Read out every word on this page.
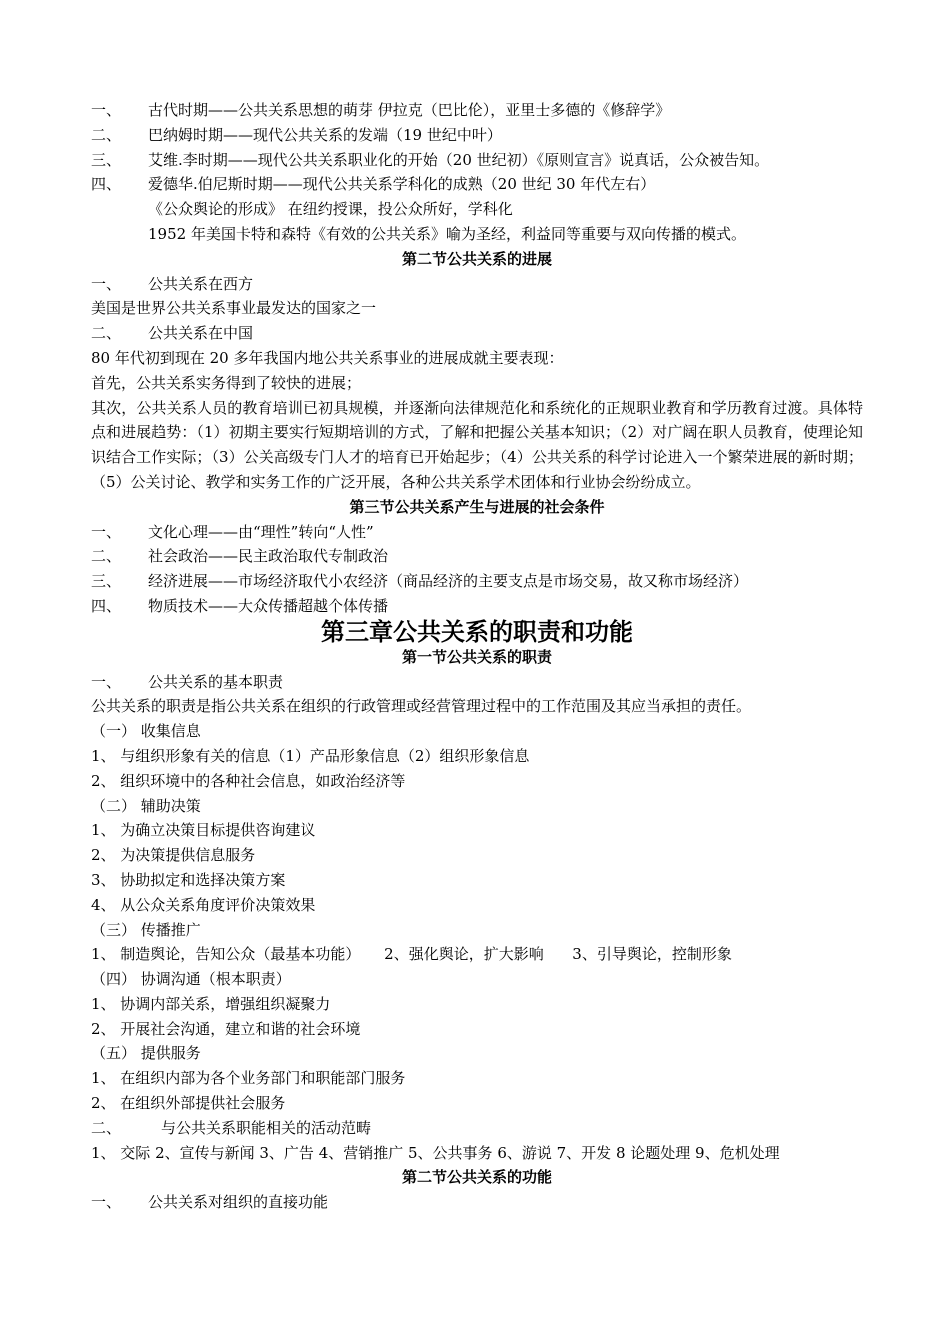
一、 古代时期——公共关系思想的萌芽 伊拉克（巴比伦），亚里士多德的《修辞学》
二、 巴纳姆时期——现代公共关系的发端（19 世纪中叶）
三、 艾维.李时期——现代公共关系职业化的开始（20 世纪初）《原则宣言》说真话，公众被告知。
四、 爱德华.伯尼斯时期——现代公共关系学科化的成熟（20 世纪 30 年代左右）
《公众舆论的形成》 在纽约授课，投公众所好，学科化
1952 年美国卡特和森特《有效的公共关系》喻为圣经，利益同等重要与双向传播的模式。
第二节公共关系的进展
一、 公共关系在西方
美国是世界公共关系事业最发达的国家之一
二、 公共关系在中国
80 年代初到现在 20 多年我国内地公共关系事业的进展成就主要表现：
首先，公共关系实务得到了较快的进展；
其次，公共关系人员的教育培训已初具规模，并逐渐向法律规范化和系统化的正规职业教育和学历教育过渡。具体特点和进展趋势：（1）初期主要实行短期培训的方式，了解和把握公关基本知识；（2）对广阔在职人员教育，使理论知识结合工作实际；（3）公关高级专门人才的培育已开始起步；（4）公共关系的科学讨论进入一个繁荣进展的新时期；（5）公关讨论、教学和实务工作的广泛开展，各种公共关系学术团体和行业协会纷纷成立。
第三节公共关系产生与进展的社会条件
一、 文化心理——由“理性”转向“人性”
二、 社会政治——民主政治取代专制政治
三、 经济进展——市场经济取代小农经济（商品经济的主要支点是市场交易，故又称市场经济）
四、 物质技术——大众传播超越个体传播
第三章公共关系的职责和功能
第一节公共关系的职责
一、 公共关系的基本职责
公共关系的职责是指公共关系在组织的行政管理或经营管理过程中的工作范围及其应当承担的责任。
（一） 收集信息
1、 与组织形象有关的信息（1）产品形象信息（2）组织形象信息
2、 组织环境中的各种社会信息，如政治经济等
（二） 辅助决策
1、 为确立决策目标提供咨询建议
2、 为决策提供信息服务
3、 协助拟定和选择决策方案
4、 从公众关系角度评价决策效果
（三） 传播推广
1、 制造舆论，告知公众（最基本功能）     2、强化舆论，扩大影响      3、引导舆论，控制形象
（四） 协调沟通（根本职责）
1、 协调内部关系，增强组织凝聚力
2、 开展社会沟通，建立和谐的社会环境
（五） 提供服务
1、 在组织内部为各个业务部门和职能部门服务
2、 在组织外部提供社会服务
二、	与公共关系职能相关的活动范畴
1、 交际 2、宣传与新闻 3、广告 4、营销推广 5、公共事务 6、游说 7、开发 8 论题处理 9、危机处理
第二节公共关系的功能
一、 公共关系对组织的直接功能
